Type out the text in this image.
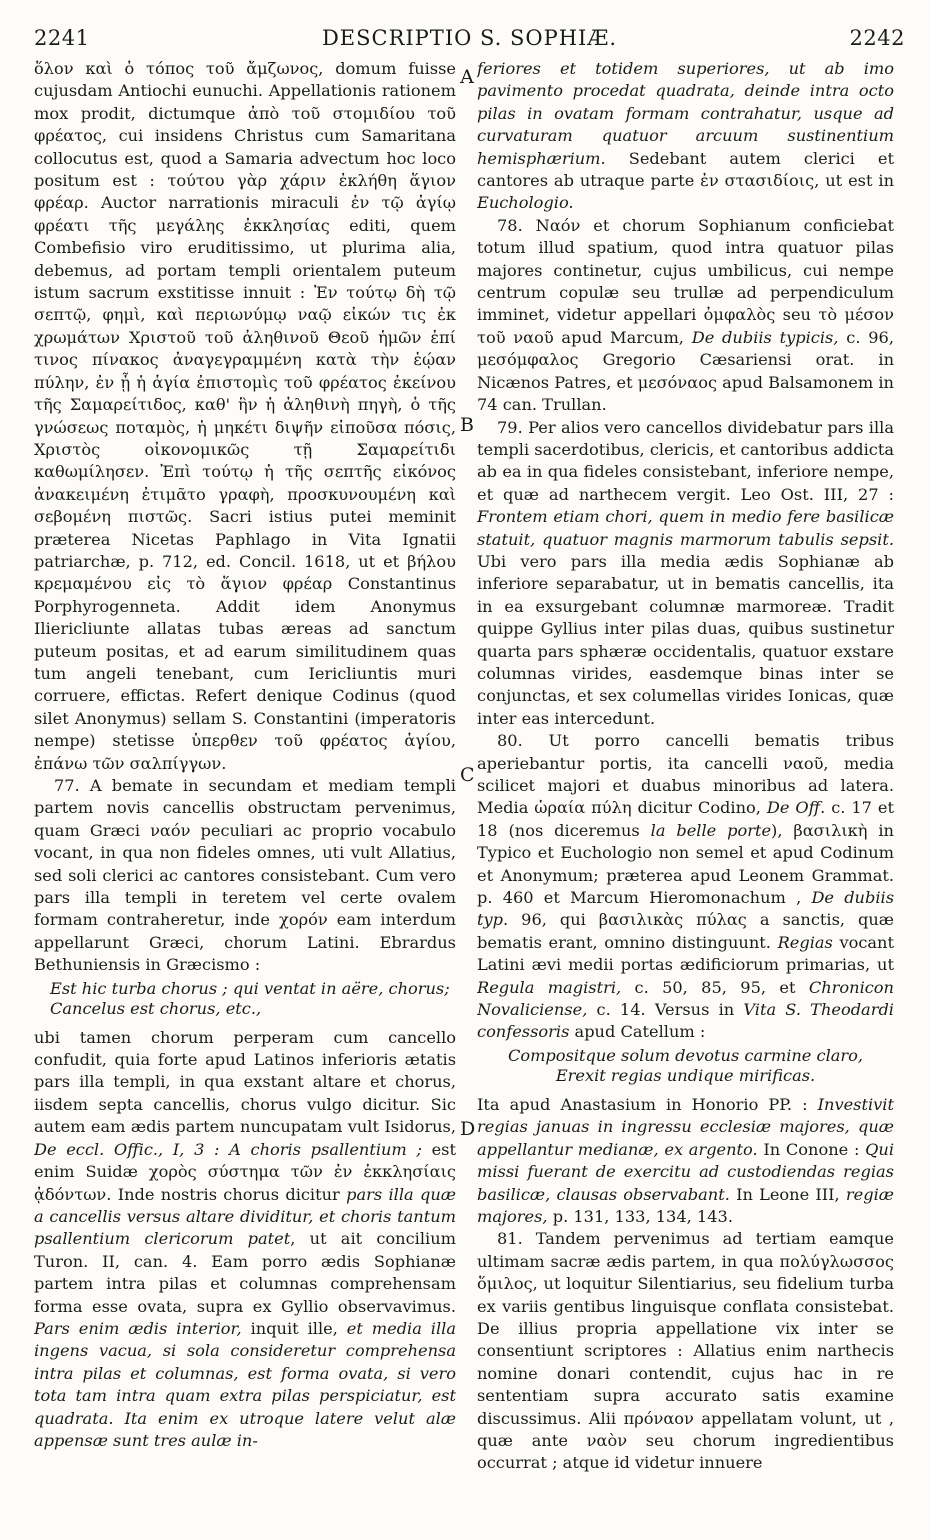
2241	DESCRIPTIO S. SOPHIÆ.	2242
A
B
C
D

ὅλον καὶ ὁ τόπος τοῦ ἄμζωνος, domum fuisse cujusdam Antiochi eunuchi. Appellationis rationem mox prodit, dictumque ἀπὸ τοῦ στομιδίου τοῦ φρέατος, cui insidens Christus cum Samaritana collocutus est, quod a Samaria advectum hoc loco positum est : τούτου γὰρ χάριν ἐκλήθη ἅγιον φρέαρ. Auctor narrationis miraculi ἐν τῷ ἁγίῳ φρέατι τῆς μεγάλης ἐκκλησίας editi, quem Combefisio viro eruditissimo, ut plurima alia, debemus, ad portam templi orientalem puteum istum sacrum exstitisse innuit : Ἐν τούτῳ δὴ τῷ σεπτῷ, φημὶ, καὶ περιωνύμῳ ναῷ εἰκών τις ἐκ χρωμάτων Χριστοῦ τοῦ ἀληθινοῦ Θεοῦ ἡμῶν ἐπί τινος πίνακος ἀναγεγραμμένη κατὰ τὴν ἑῴαν πύλην, ἐν ᾗ ἡ ἁγία ἐπιστομὶς τοῦ φρέατος ἐκείνου τῆς Σαμαρείτιδος, καθ' ἣν ἡ ἀληθινὴ πηγὴ, ὁ τῆς γνώσεως ποταμὸς, ἡ μηκέτι διψῆν εἰποῦσα πόσις, Χριστὸς οἰκονομικῶς τῇ Σαμαρείτιδι καθωμίλησεν. Ἐπὶ τούτῳ ἡ τῆς σεπτῆς εἰκόνος ἀνακειμένη ἐτιμᾶτο γραφὴ, προσκυνουμένη καὶ σεβομένη πιστῶς. Sacri istius putei meminit præterea Nicetas Paphlago in Vita Ignatii patriarchæ, p. 712, ed. Concil. 1618, ut et βήλου κρεμαμένου εἰς τὸ ἅγιον φρέαρ Constantinus Porphyrogenneta. Addit idem Anonymus Iliericliunte allatas tubas æreas ad sanctum puteum positas, et ad earum similitudinem quas tum angeli tenebant, cum Iericliuntis muri corruere, effictas. Refert denique Codinus (quod silet Anonymus) sellam S. Constantini (imperatoris nempe) stetisse ὑπερθεν τοῦ φρέατος ἁγίου, ἐπάνω τῶν σαλπίγγων.

77. A bemate in secundam et mediam templi partem novis cancellis obstructam pervenimus, quam Græci ναόν peculiari ac proprio vocabulo vocant, in qua non fideles omnes, uti vult Allatius, sed soli clerici ac cantores consistebant. Cum vero pars illa templi in teretem vel certe ovalem formam contraheretur, inde χορόν eam interdum appellarunt Græci, chorum Latini. Ebrardus Bethuniensis in Græcismo :

Est hic turba chorus ; qui ventat in aëre, chorus;
Cancelus est chorus, etc.,

ubi tamen chorum perperam cum cancello confudit, quia forte apud Latinos inferioris ætatis pars illa templi, in qua exstant altare et chorus, iisdem septa cancellis, chorus vulgo dicitur. Sic autem eam ædis partem nuncupatam vult Isidorus, De eccl. Offic., I, 3 : A choris psallentium ; est enim Suidæ χορὸς σύστημα τῶν ἐν ἐκκλησίαις ᾀδόντων. Inde nostris chorus dicitur pars illa quæ a cancellis versus altare dividitur, et choris tantum psallentium clericorum patet, ut ait concilium Turon. II, can. 4. Eam porro ædis Sophianæ partem intra pilas et columnas comprehensam forma esse ovata, supra ex Gyllio observavimus. Pars enim ædis interior, inquit ille, et media illa ingens vacua, si sola consideretur comprehensa intra pilas et columnas, est forma ovata, si vero tota tam intra quam extra pilas perspiciatur, est quadrata. Ita enim ex utroque latere velut alæ appensæ sunt tres aulæ in-

feriores et totidem superiores, ut ab imo pavimento procedat quadrata, deinde intra octo pilas in ovatam formam contrahatur, usque ad curvaturam quatuor arcuum sustinentium hemisphærium. Sedebant autem clerici et cantores ab utraque parte ἐν στασιδίοις, ut est in Euchologio.

78. Ναόν et chorum Sophianum conficiebat totum illud spatium, quod intra quatuor pilas majores continetur, cujus umbilicus, cui nempe centrum copulæ seu trullæ ad perpendiculum imminet, videtur appellari ὀμφαλὸς seu τὸ μέσον τοῦ ναοῦ apud Marcum, De dubiis typicis, c. 96, μεσόμφαλος Gregorio Cæsariensi orat. in Nicænos Patres, et μεσόναος apud Balsamonem in 74 can. Trullan.

79. Per alios vero cancellos dividebatur pars illa templi sacerdotibus, clericis, et cantoribus addicta ab ea in qua fideles consistebant, inferiore nempe, et quæ ad narthecem vergit. Leo Ost. III, 27 : Frontem etiam chori, quem in medio fere basilicæ statuit, quatuor magnis marmorum tabulis sepsit. Ubi vero pars illa media ædis Sophianæ ab inferiore separabatur, ut in bematis cancellis, ita in ea exsurgebant columnæ marmoreæ. Tradit quippe Gyllius inter pilas duas, quibus sustinetur quarta pars sphæræ occidentalis, quatuor exstare columnas virides, easdemque binas inter se conjunctas, et sex columellas virides Ionicas, quæ inter eas intercedunt.

80. Ut porro cancelli bematis tribus aperiebantur portis, ita cancelli ναοῦ, media scilicet majori et duabus minoribus ad latera. Media ὡραία πύλη dicitur Codino, De Off. c. 17 et 18 (nos diceremus la belle porte), βασιλικὴ in Typico et Euchologio non semel et apud Codinum et Anonymum; præterea apud Leonem Grammat. p. 460 et Marcum Hieromonachum , De dubiis typ. 96, qui βασιλικὰς πύλας a sanctis, quæ bematis erant, omnino distinguunt. Regias vocant Latini ævi medii portas ædificiorum primarias, ut Regula magistri, c. 50, 85, 95, et Chronicon Novaliciense, c. 14. Versus in Vita S. Theodardi confessoris apud Catellum :

Compositque solum devotus carmine claro,
Erexit regias undique mirificas.

Ita apud Anastasium in Honorio PP. : Investivit regias januas in ingressu ecclesiæ majores, quæ appellantur medianæ, ex argento. In Conone : Qui missi fuerant de exercitu ad custodiendas regias basilicæ, clausas observabant. In Leone III, regiæ majores, p. 131, 133, 134, 143.

81. Tandem pervenimus ad tertiam eamque ultimam sacræ ædis partem, in qua πολύγλωσσος ὅμιλος, ut loquitur Silentiarius, seu fidelium turba ex variis gentibus linguisque conflata consistebat. De illius propria appellatione vix inter se consentiunt scriptores : Allatius enim narthecis nomine donari contendit, cujus hac in re sententiam supra accurato satis examine discussimus. Alii πρόναον appellatam volunt, ut , quæ ante ναὸν seu chorum ingredientibus occurrat ; atque id videtur innuere
